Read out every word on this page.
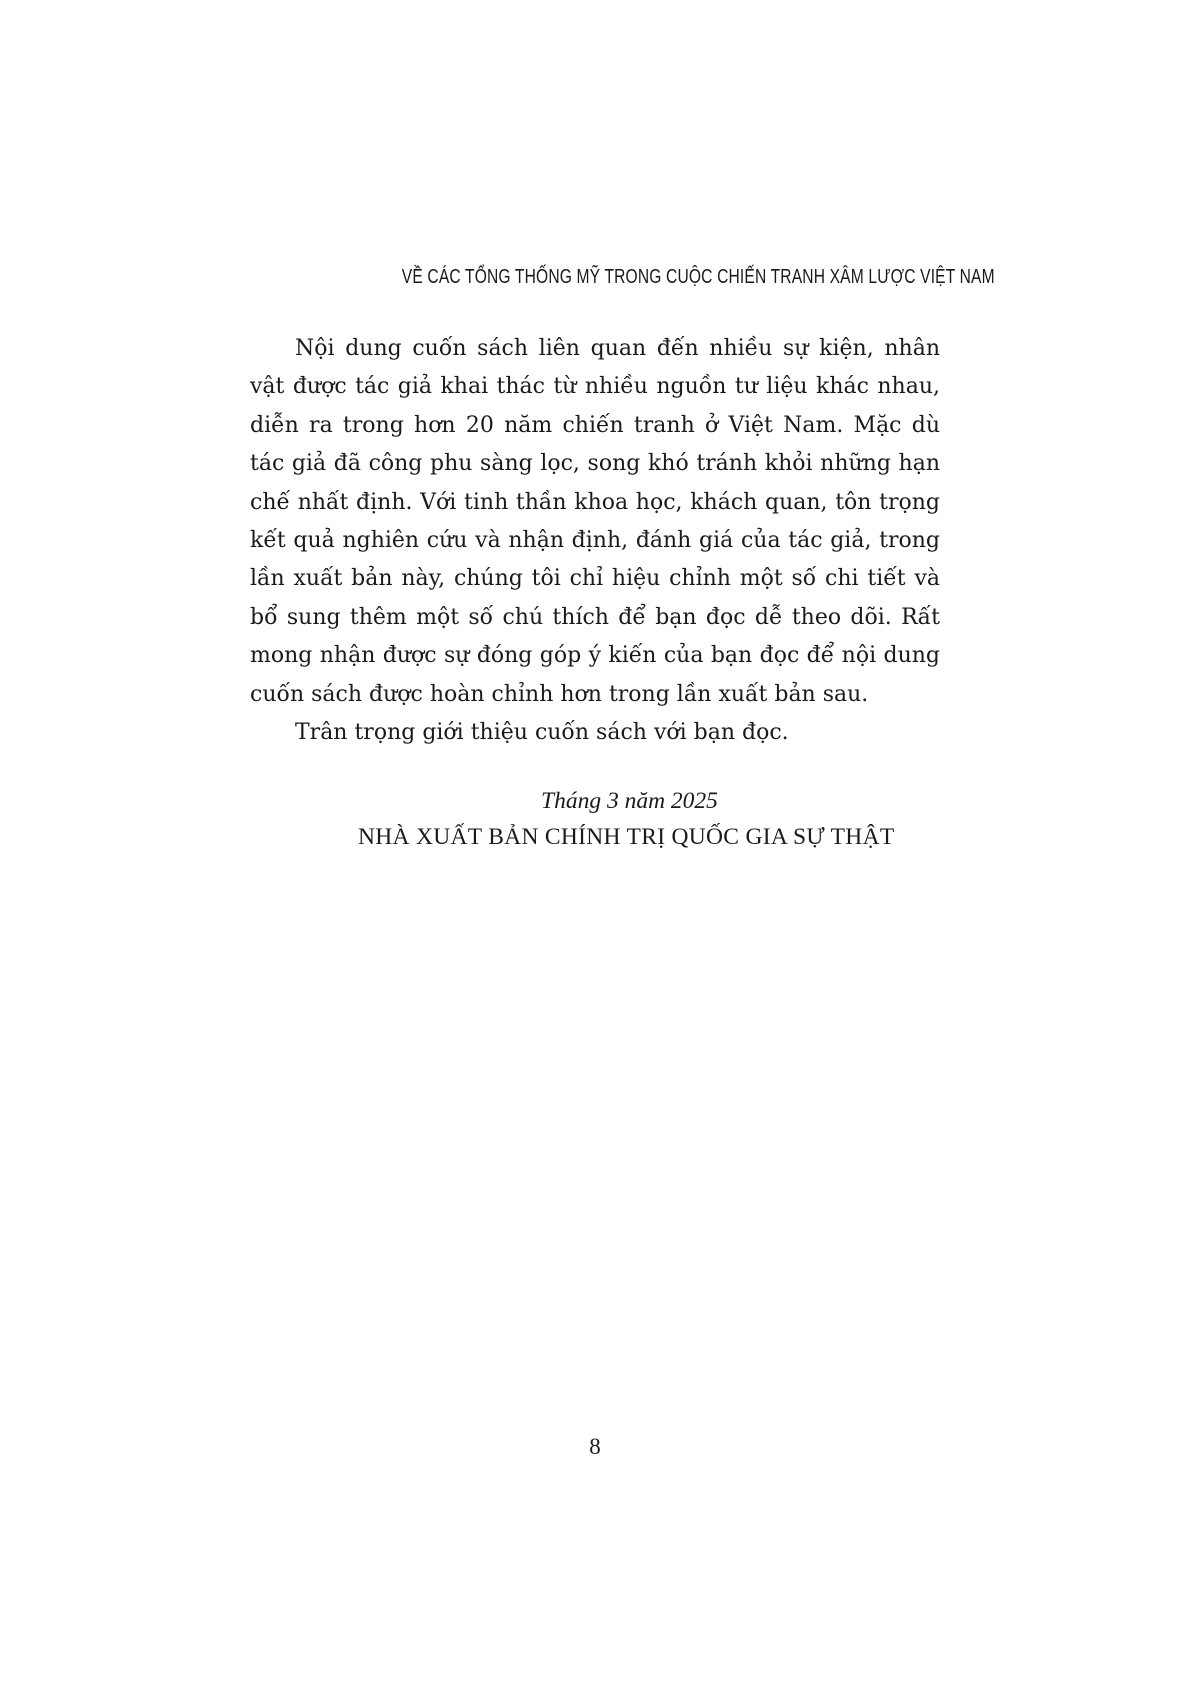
VỀ CÁC TỔNG THỐNG MỸ TRONG CUỘC CHIẾN TRANH XÂM LƯỢC VIỆT NAM

Nội dung cuốn sách liên quan đến nhiều sự kiện, nhân vật được tác giả khai thác từ nhiều nguồn tư liệu khác nhau, diễn ra trong hơn 20 năm chiến tranh ở Việt Nam. Mặc dù tác giả đã công phu sàng lọc, song khó tránh khỏi những hạn chế nhất định. Với tinh thần khoa học, khách quan, tôn trọng kết quả nghiên cứu và nhận định, đánh giá của tác giả, trong lần xuất bản này, chúng tôi chỉ hiệu chỉnh một số chi tiết và bổ sung thêm một số chú thích để bạn đọc dễ theo dõi. Rất mong nhận được sự đóng góp ý kiến của bạn đọc để nội dung cuốn sách được hoàn chỉnh hơn trong lần xuất bản sau.

Trân trọng giới thiệu cuốn sách với bạn đọc.

Tháng 3 năm 2025
NHÀ XUẤT BẢN CHÍNH TRỊ QUỐC GIA SỰ THẬT
8
